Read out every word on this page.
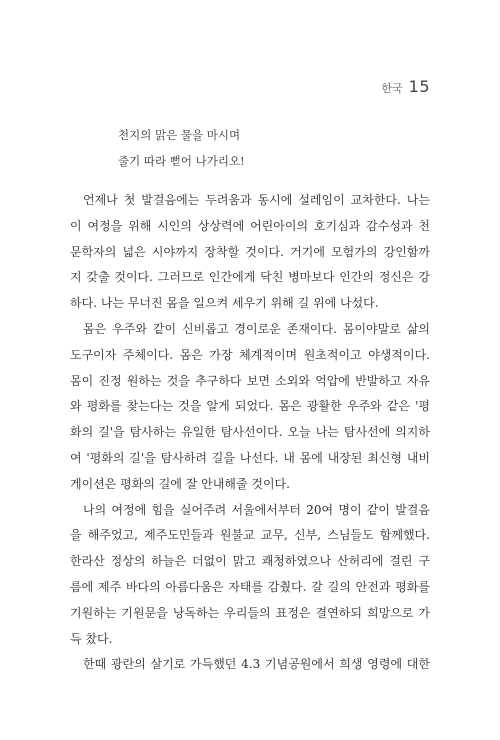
한국 15
천지의 맑은 물을 마시며
줄기 따라 뻗어 나가리오!
언제나 첫 발걸음에는 두려움과 동시에 설레임이 교차한다. 나는
이 여정을 위해 시인의 상상력에 어린아이의 호기심과 감수성과 천
문학자의 넓은 시야까지 장착할 것이다. 거기에 모험가의 강인함까
지 갖출 것이다. 그러므로 인간에게 닥친 병마보다 인간의 정신은 강
하다. 나는 무너진 몸을 일으켜 세우기 위해 길 위에 나섰다.
몸은 우주와 같이 신비롭고 경이로운 존재이다. 몸이야말로 삶의
도구이자 주체이다. 몸은 가장 체계적이며 원초적이고 야생적이다.
몸이 진정 원하는 것을 추구하다 보면 소외와 억압에 반발하고 자유
와 평화를 찾는다는 것을 알게 되었다. 몸은 광활한 우주와 같은 '평
화의 길'을 탐사하는 유일한 탐사선이다. 오늘 나는 탐사선에 의지하
여 '평화의 길'을 탐사하려 길을 나선다. 내 몸에 내장된 최신형 내비
게이션은 평화의 길에 잘 안내해줄 것이다.
나의 여정에 힘을 실어주려 서울에서부터 20여 명이 같이 발걸음
을 해주었고, 제주도민들과 원불교 교무, 신부, 스님들도 함께했다.
한라산 정상의 하늘은 더없이 맑고 쾌청하였으나 산허리에 걸린 구
름에 제주 바다의 아름다움은 자태를 감췄다. 갈 길의 안전과 평화를
기원하는 기원문을 낭독하는 우리들의 표정은 결연하되 희망으로 가
득 찼다.
한때 광란의 살기로 가득했던 4.3 기념공원에서 희생 영령에 대한
